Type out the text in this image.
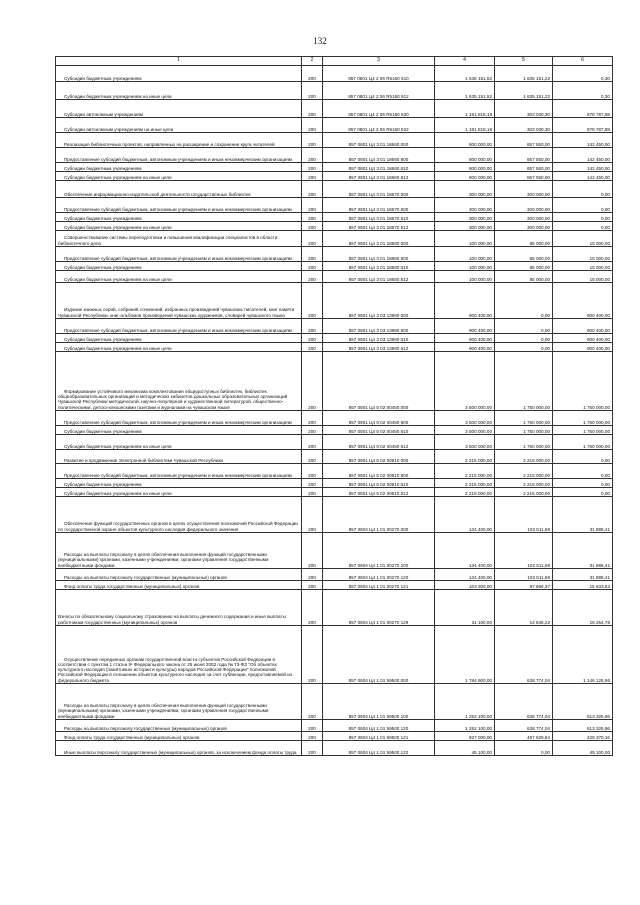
132
1	2	3	4	5	6
Субсидии бюджетным учреждениям	200	857 0801 Ц4 2 06 R5160 610	1 635 151,52	1 635 151,22	0,30
Субсидии бюджетным учреждениям на иные цели	200	857 0801 Ц4 2 06 R5160 612	1 635 151,52	1 635 151,22	0,30
Субсидии автономным учреждениям	200	857 0801 Ц4 2 06 R5160 620	1 181 818,18	303 030,30	878 787,88
Субсидии автономным учреждениям на иные цели	200	857 0801 Ц4 2 06 R5160 622	1 181 818,18	303 030,30	878 787,88
Реализация библиотечных проектов, направленных на расширение и сохранение круга читателей	200	857 0801 Ц4 3 01 18660 000	800 000,00	657 550,00	142 450,00
Предоставление субсидий бюджетным, автономным учреждениям и иным некоммерческим организациям	200	857 0801 Ц4 3 01 18660 600	800 000,00	657 550,00	142 450,00
Субсидии бюджетным учреждениям	200	857 0801 Ц4 3 01 18660 610	800 000,00	657 550,00	142 450,00
Субсидии бюджетным учреждениям на иные цели	200	857 0801 Ц4 3 01 18660 612	800 000,00	657 550,00	142 450,00
Обеспечение информационно-издательской деятельности государственных библиотек	200	857 0801 Ц4 3 01 18670 000	300 000,00	300 000,00	0,00
Предоставление субсидий бюджетным, автономным учреждениям и иным некоммерческим организациям	200	857 0801 Ц4 3 01 18670 600	300 000,00	300 000,00	0,00
Субсидии бюджетным учреждениям	200	857 0801 Ц4 3 01 18670 610	300 000,00	300 000,00	0,00
Субсидии бюджетным учреждениям на иные цели	200	857 0801 Ц4 3 01 18670 612	300 000,00	300 000,00	0,00
Совершенствование системы переподготовки и повышения квалификации специалистов в области библиотечного дела	200	857 0801 Ц4 3 01 18680 000	100 000,00	85 000,00	15 000,00
Предоставление субсидий бюджетным, автономным учреждениям и иным некоммерческим организациям	200	857 0801 Ц4 3 01 18680 600	100 000,00	85 000,00	15 000,00
Субсидии бюджетным учреждениям	200	857 0801 Ц4 3 01 18680 610	100 000,00	85 000,00	15 000,00
Субсидии бюджетным учреждениям на иные цели	200	857 0801 Ц4 3 01 18680 612	100 000,00	85 000,00	15 000,00
Издание книжных серий, собраний сочинений, избранных произведений чувашских писателей, книг памяти Чувашской Республики, книг-альбомов произведений чувашских художников, словарей чувашского языка	200	857 0801 Ц4 3 03 13980 000	900 400,00	0,00	900 400,00
Предоставление субсидий бюджетным, автономным учреждениям и иным некоммерческим организациям	200	857 0801 Ц4 3 03 13980 600	900 400,00	0,00	900 400,00
Субсидии бюджетным учреждениям	200	857 0801 Ц4 3 03 13980 610	900 400,00	0,00	900 400,00
Субсидии бюджетным учреждениям на иные цели	200	857 0801 Ц4 3 03 13980 612	900 400,00	0,00	900 400,00
Формирование устойчивого механизма комплектования общедоступных библиотек, библиотек общеобразовательных организаций и методических кабинетов дошкольных образовательных организаций Чувашской Республики методической, научно-популярной и художественной литературой, общественно-политическими, детско-юношескими газетами и журналами на чувашском языке	200	857 0801 Ц4 5 02 00450 000	3 500 000,00	1 750 000,00	1 750 000,00
Предоставление субсидий бюджетным, автономным учреждениям и иным некоммерческим организациям	200	857 0801 Ц4 5 02 00450 600	3 500 000,00	1 750 000,00	1 750 000,00
Субсидии бюджетным учреждениям	200	857 0801 Ц4 5 02 00450 610	3 500 000,00	1 750 000,00	1 750 000,00
Субсидии бюджетным учреждениям на иные цели	200	857 0801 Ц4 5 02 00450 612	3 500 000,00	1 750 000,00	1 750 000,00
Развитие и продвижение Электронной библиотеки Чувашской Республики	200	857 0801 Ц4 5 02 00810 000	2 215 000,00	2 215 000,00	0,00
Предоставление субсидий бюджетным, автономным учреждениям и иным некоммерческим организациям	200	857 0801 Ц4 5 02 00810 600	2 215 000,00	2 215 000,00	0,00
Субсидии бюджетным учреждениям	200	857 0801 Ц4 5 02 00810 610	2 215 000,00	2 215 000,00	0,00
Субсидии бюджетным учреждениям на иные цели	200	857 0801 Ц4 5 02 00810 612	2 215 000,00	2 215 000,00	0,00
Обеспечение функций государственных органов в целях осуществления полномочий Российской Федерации по государственной охране объектов культурного наследия федерального значения	200	857 0804 Ц4 1 01 00270 000	134 400,00	102 511,59	31 888,41
Расходы на выплаты персоналу в целях обеспечения выполнения функций государственными (муниципальными) органами, казенными учреждениями, органами управления государственными внебюджетными фондами	200	857 0804 Ц4 1 01 00270 100	134 400,00	102 511,59	31 888,41
Расходы на выплаты персоналу государственных (муниципальных) органов	200	857 0804 Ц4 1 01 00270 120	134 400,00	102 511,59	31 888,41
Фонд оплаты труда государственных (муниципальных) органов	200	857 0804 Ц4 1 01 00270 121	103 300,00	87 666,37	15 633,63
Взносы по обязательному социальному страхованию на выплаты денежного содержания и иные выплаты работникам государственных (муниципальных) органов	200	857 0804 Ц4 1 01 00270 129	31 100,00	14 845,22	16 254,78
Осуществление переданных органам государственной власти субъектов Российской Федерации в соответствии с пунктом 1 статьи 9¹ Федерального закона от 25 июня 2002 года № 73-ФЗ "Об объектах культурного наследия (памятниках истории и культуры) народов Российской Федерации" полномочий Российской Федерации в отношении объектов культурного наследия за счет субвенции, предоставляемой из федерального бюджета	200	857 0804 Ц4 1 01 59500 000	1 784 900,00	638 774,04	1 146 125,96
Расходы на выплаты персоналу в целях обеспечения выполнения функций государственными (муниципальными) органами, казенными учреждениями, органами управления государственными внебюджетными фондами	200	857 0804 Ц4 1 01 59500 100	1 252 100,00	638 774,04	613 325,96
Расходы на выплаты персоналу государственных (муниципальных) органов	200	857 0804 Ц4 1 01 59500 120	1 252 100,00	638 774,04	613 325,96
Фонд оплаты труда государственных (муниципальных) органов	200	857 0804 Ц4 1 01 59500 121	927 000,00	497 629,84	429 370,16
Иные выплаты персоналу государственных (муниципальных) органов, за исключением фонда оплаты труда	200	857 0804 Ц4 1 01 59500 122	45 100,00	0,00	45 100,00
